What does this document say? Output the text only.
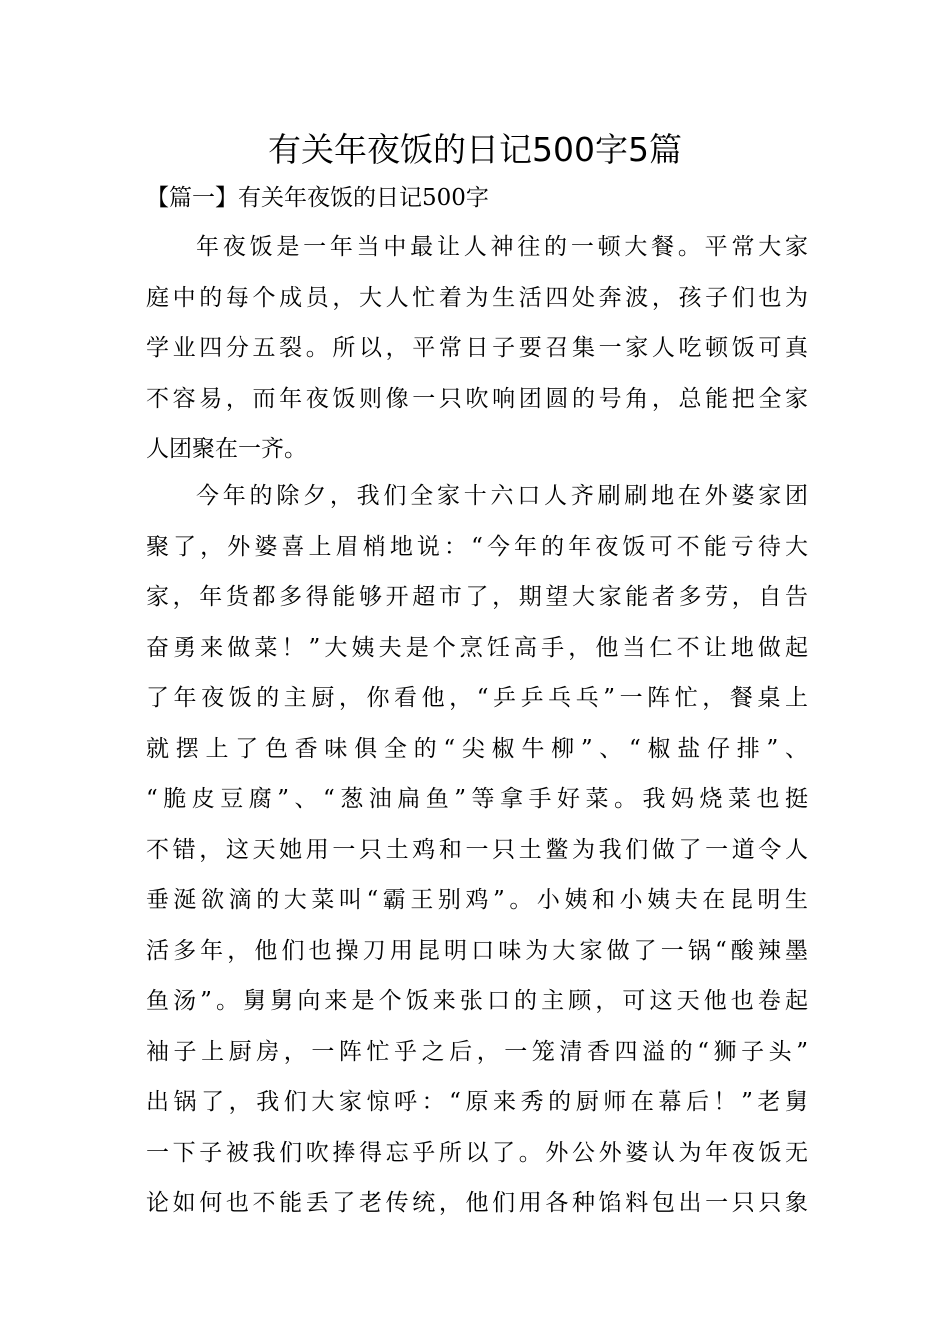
有关年夜饭的日记500字5篇
【篇一】有关年夜饭的日记500字
年夜饭是一年当中最让人神往的一顿大餐。平常大家
庭中的每个成员，大人忙着为生活四处奔波，孩子们也为
学业四分五裂。所以，平常日子要召集一家人吃顿饭可真
不容易，而年夜饭则像一只吹响团圆的号角，总能把全家
人团聚在一齐。
今年的除夕，我们全家十六口人齐刷刷地在外婆家团
聚了，外婆喜上眉梢地说：“今年的年夜饭可不能亏待大
家，年货都多得能够开超市了，期望大家能者多劳，自告
奋勇来做菜！”大姨夫是个烹饪高手，他当仁不让地做起
了年夜饭的主厨，你看他，“乒乒乓乓”一阵忙，餐桌上
就摆上了色香味俱全的“尖椒牛柳”、“椒盐仔排”、
“脆皮豆腐”、“葱油扁鱼”等拿手好菜。我妈烧菜也挺
不错，这天她用一只土鸡和一只土鳖为我们做了一道令人
垂涎欲滴的大菜叫“霸王别鸡”。小姨和小姨夫在昆明生
活多年，他们也操刀用昆明口味为大家做了一锅“酸辣墨
鱼汤”。舅舅向来是个饭来张口的主顾，可这天他也卷起
袖子上厨房，一阵忙乎之后，一笼清香四溢的“狮子头”
出锅了，我们大家惊呼：“原来秀的厨师在幕后！”老舅
一下子被我们吹捧得忘乎所以了。外公外婆认为年夜饭无
论如何也不能丢了老传统，他们用各种馅料包出一只只象
